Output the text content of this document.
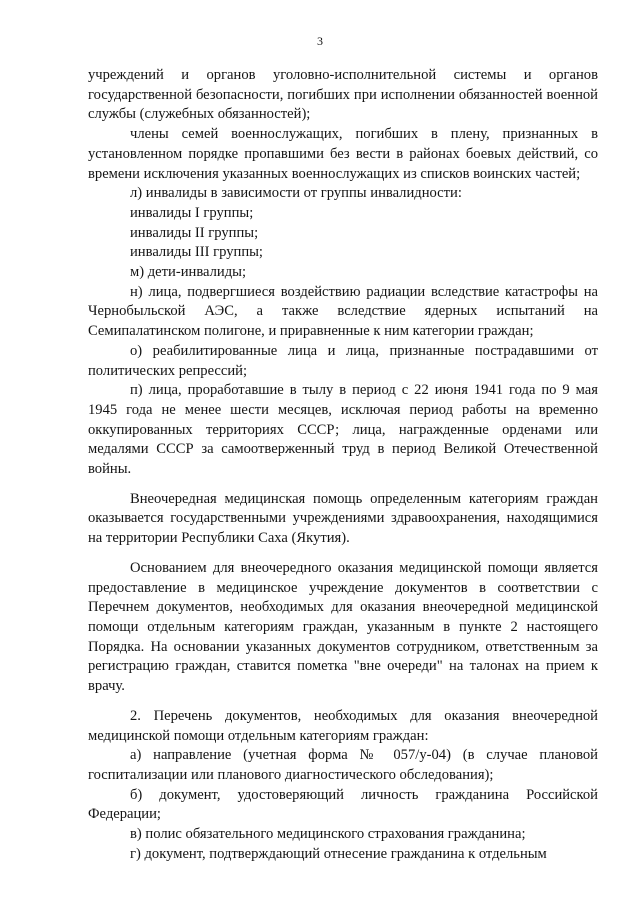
3

учреждений и органов уголовно-исполнительной системы и органов государственной безопасности, погибших при исполнении обязанностей военной службы (служебных обязанностей);

члены семей военнослужащих, погибших в плену, признанных в установленном порядке пропавшими без вести в районах боевых действий, со времени исключения указанных военнослужащих из списков воинских частей;

л) инвалиды в зависимости от группы инвалидности:

инвалиды I группы;

инвалиды II группы;

инвалиды III группы;

м) дети-инвалиды;

н) лица, подвергшиеся воздействию радиации вследствие катастрофы на Чернобыльской АЭС, а также вследствие ядерных испытаний на Семипалатинском полигоне, и приравненные к ним категории граждан;

о) реабилитированные лица и лица, признанные пострадавшими от политических репрессий;

п) лица, проработавшие в тылу в период с 22 июня 1941 года по 9 мая 1945 года не менее шести месяцев, исключая период работы на временно оккупированных территориях СССР; лица, награжденные орденами или медалями СССР за самоотверженный труд в период Великой Отечественной войны.

Внеочередная медицинская помощь определенным категориям граждан оказывается государственными учреждениями здравоохранения, находящимися на территории Республики Саха (Якутия).

Основанием для внеочередного оказания медицинской помощи является предоставление в медицинское учреждение документов в соответствии с Перечнем документов, необходимых для оказания внеочередной медицинской помощи отдельным категориям граждан, указанным в пункте 2 настоящего Порядка. На основании указанных документов сотрудником, ответственным за регистрацию граждан, ставится пометка "вне очереди" на талонах на прием к врачу.

2. Перечень документов, необходимых для оказания внеочередной медицинской помощи отдельным категориям граждан:

а) направление (учетная форма № 057/у-04) (в случае плановой госпитализации или планового диагностического обследования);

б) документ, удостоверяющий личность гражданина Российской Федерации;

в) полис обязательного медицинского страхования гражданина;

г) документ, подтверждающий отнесение гражданина к отдельным
